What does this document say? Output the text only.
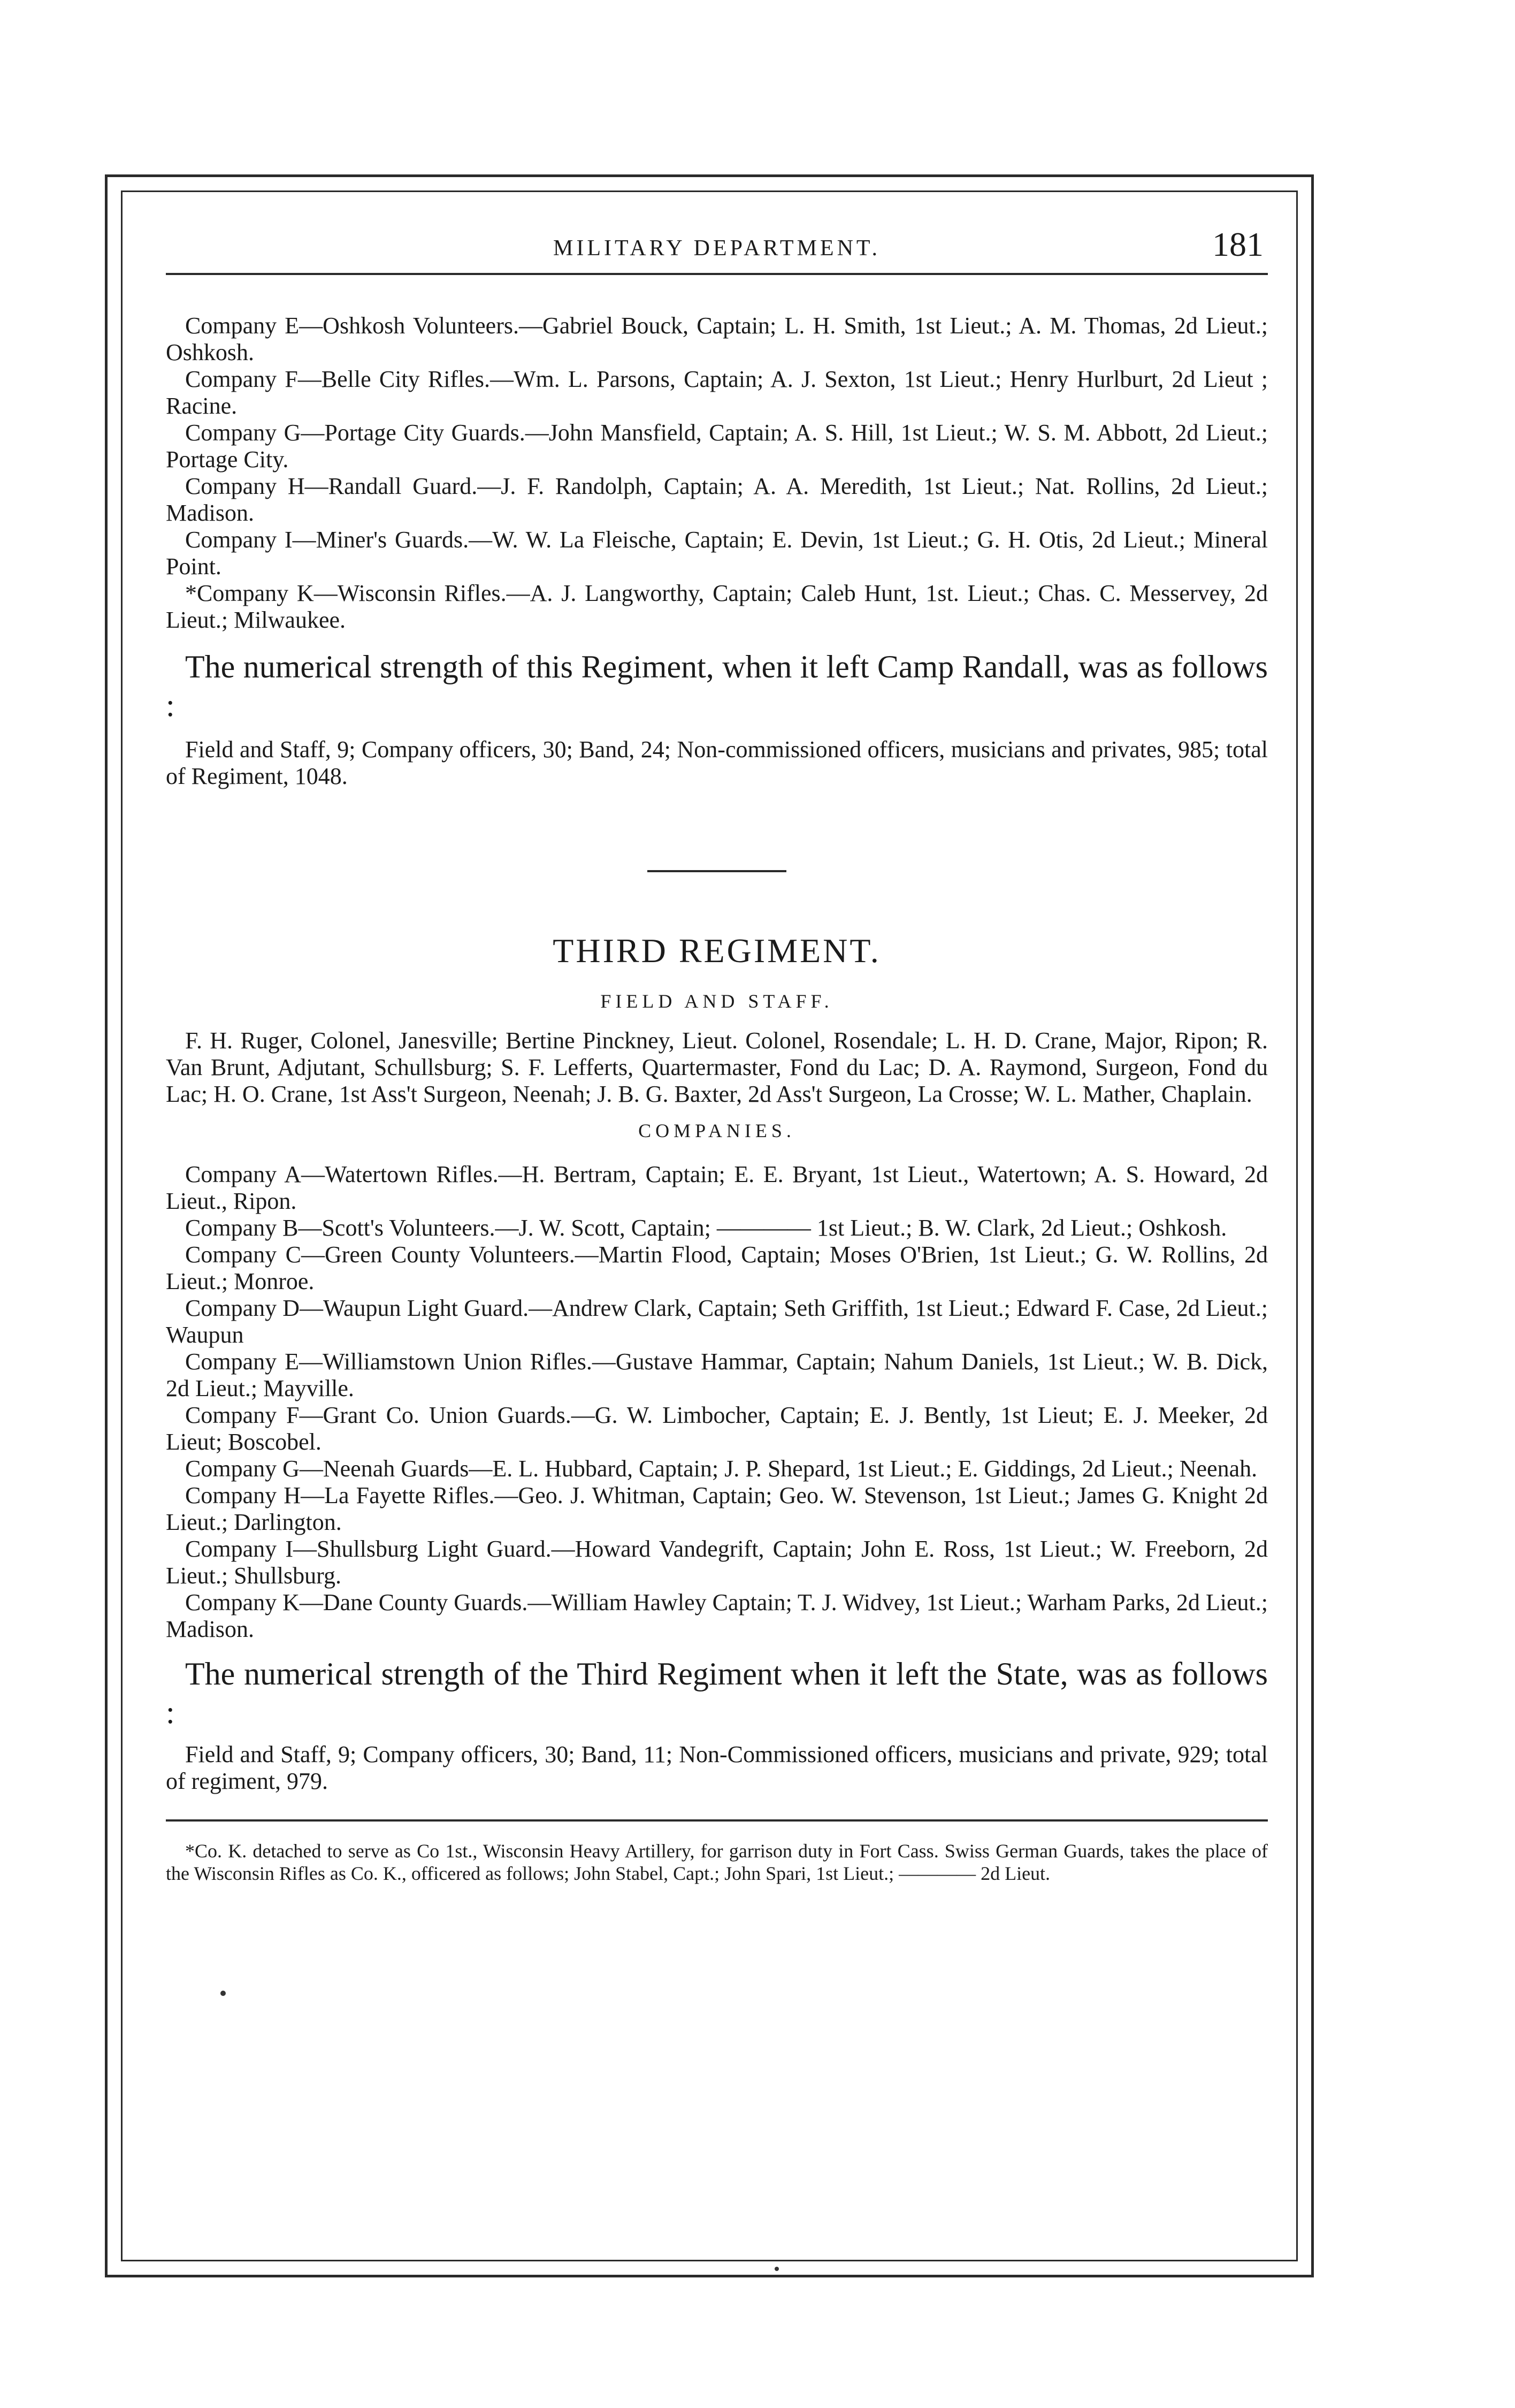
MILITARY DEPARTMENT.	181

Company E—Oshkosh Volunteers.—Gabriel Bouck, Captain; L. H. Smith, 1st Lieut.; A. M. Thomas, 2d Lieut.; Oshkosh.

Company F—Belle City Rifles.—Wm. L. Parsons, Captain; A. J. Sexton, 1st Lieut.; Henry Hurlburt, 2d Lieut ; Racine.

Company G—Portage City Guards.—John Mansfield, Captain; A. S. Hill, 1st Lieut.; W. S. M. Abbott, 2d Lieut.; Portage City.

Company H—Randall Guard.—J. F. Randolph, Captain; A. A. Meredith, 1st Lieut.; Nat. Rollins, 2d Lieut.; Madison.

Company I—Miner's Guards.—W. W. La Fleische, Captain; E. Devin, 1st Lieut.; G. H. Otis, 2d Lieut.; Mineral Point.

*Company K—Wisconsin Rifles.—A. J. Langworthy, Captain; Caleb Hunt, 1st. Lieut.; Chas. C. Messervey, 2d Lieut.; Milwaukee.

The numerical strength of this Regiment, when it left Camp Randall, was as follows :

Field and Staff, 9; Company officers, 30; Band, 24; Non-commissioned officers, musicians and privates, 985; total of Regiment, 1048.

THIRD REGIMENT.

FIELD AND STAFF.

F. H. Ruger, Colonel, Janesville; Bertine Pinckney, Lieut. Colonel, Rosendale; L. H. D. Crane, Major, Ripon; R. Van Brunt, Adjutant, Schullsburg; S. F. Lefferts, Quartermaster, Fond du Lac; D. A. Raymond, Surgeon, Fond du Lac; H. O. Crane, 1st Ass't Surgeon, Neenah; J. B. G. Baxter, 2d Ass't Surgeon, La Crosse; W. L. Mather, Chaplain.

COMPANIES.

Company A—Watertown Rifles.—H. Bertram, Captain; E. E. Bryant, 1st Lieut., Watertown; A. S. Howard, 2d Lieut., Ripon.

Company B—Scott's Volunteers.—J. W. Scott, Captain; ———— 1st Lieut.; B. W. Clark, 2d Lieut.; Oshkosh.

Company C—Green County Volunteers.—Martin Flood, Captain; Moses O'Brien, 1st Lieut.; G. W. Rollins, 2d Lieut.; Monroe.

Company D—Waupun Light Guard.—Andrew Clark, Captain; Seth Griffith, 1st Lieut.; Edward F. Case, 2d Lieut.; Waupun

Company E—Williamstown Union Rifles.—Gustave Hammar, Captain; Nahum Daniels, 1st Lieut.; W. B. Dick, 2d Lieut.; Mayville.

Company F—Grant Co. Union Guards.—G. W. Limbocher, Captain; E. J. Bently, 1st Lieut; E. J. Meeker, 2d Lieut; Boscobel.

Company G—Neenah Guards—E. L. Hubbard, Captain; J. P. Shepard, 1st Lieut.; E. Giddings, 2d Lieut.; Neenah.

Company H—La Fayette Rifles.—Geo. J. Whitman, Captain; Geo. W. Stevenson, 1st Lieut.; James G. Knight 2d Lieut.; Darlington.

Company I—Shullsburg Light Guard.—Howard Vandegrift, Captain; John E. Ross, 1st Lieut.; W. Freeborn, 2d Lieut.; Shullsburg.

Company K—Dane County Guards.—William Hawley Captain; T. J. Widvey, 1st Lieut.; Warham Parks, 2d Lieut.; Madison.

The numerical strength of the Third Regiment when it left the State, was as follows :

Field and Staff, 9; Company officers, 30; Band, 11; Non-Commissioned officers, musicians and private, 929; total of regiment, 979.

*Co. K. detached to serve as Co 1st., Wisconsin Heavy Artillery, for garrison duty in Fort Cass. Swiss German Guards, takes the place of the Wisconsin Rifles as Co. K., officered as follows; John Stabel, Capt.; John Spari, 1st Lieut.; ———— 2d Lieut.
